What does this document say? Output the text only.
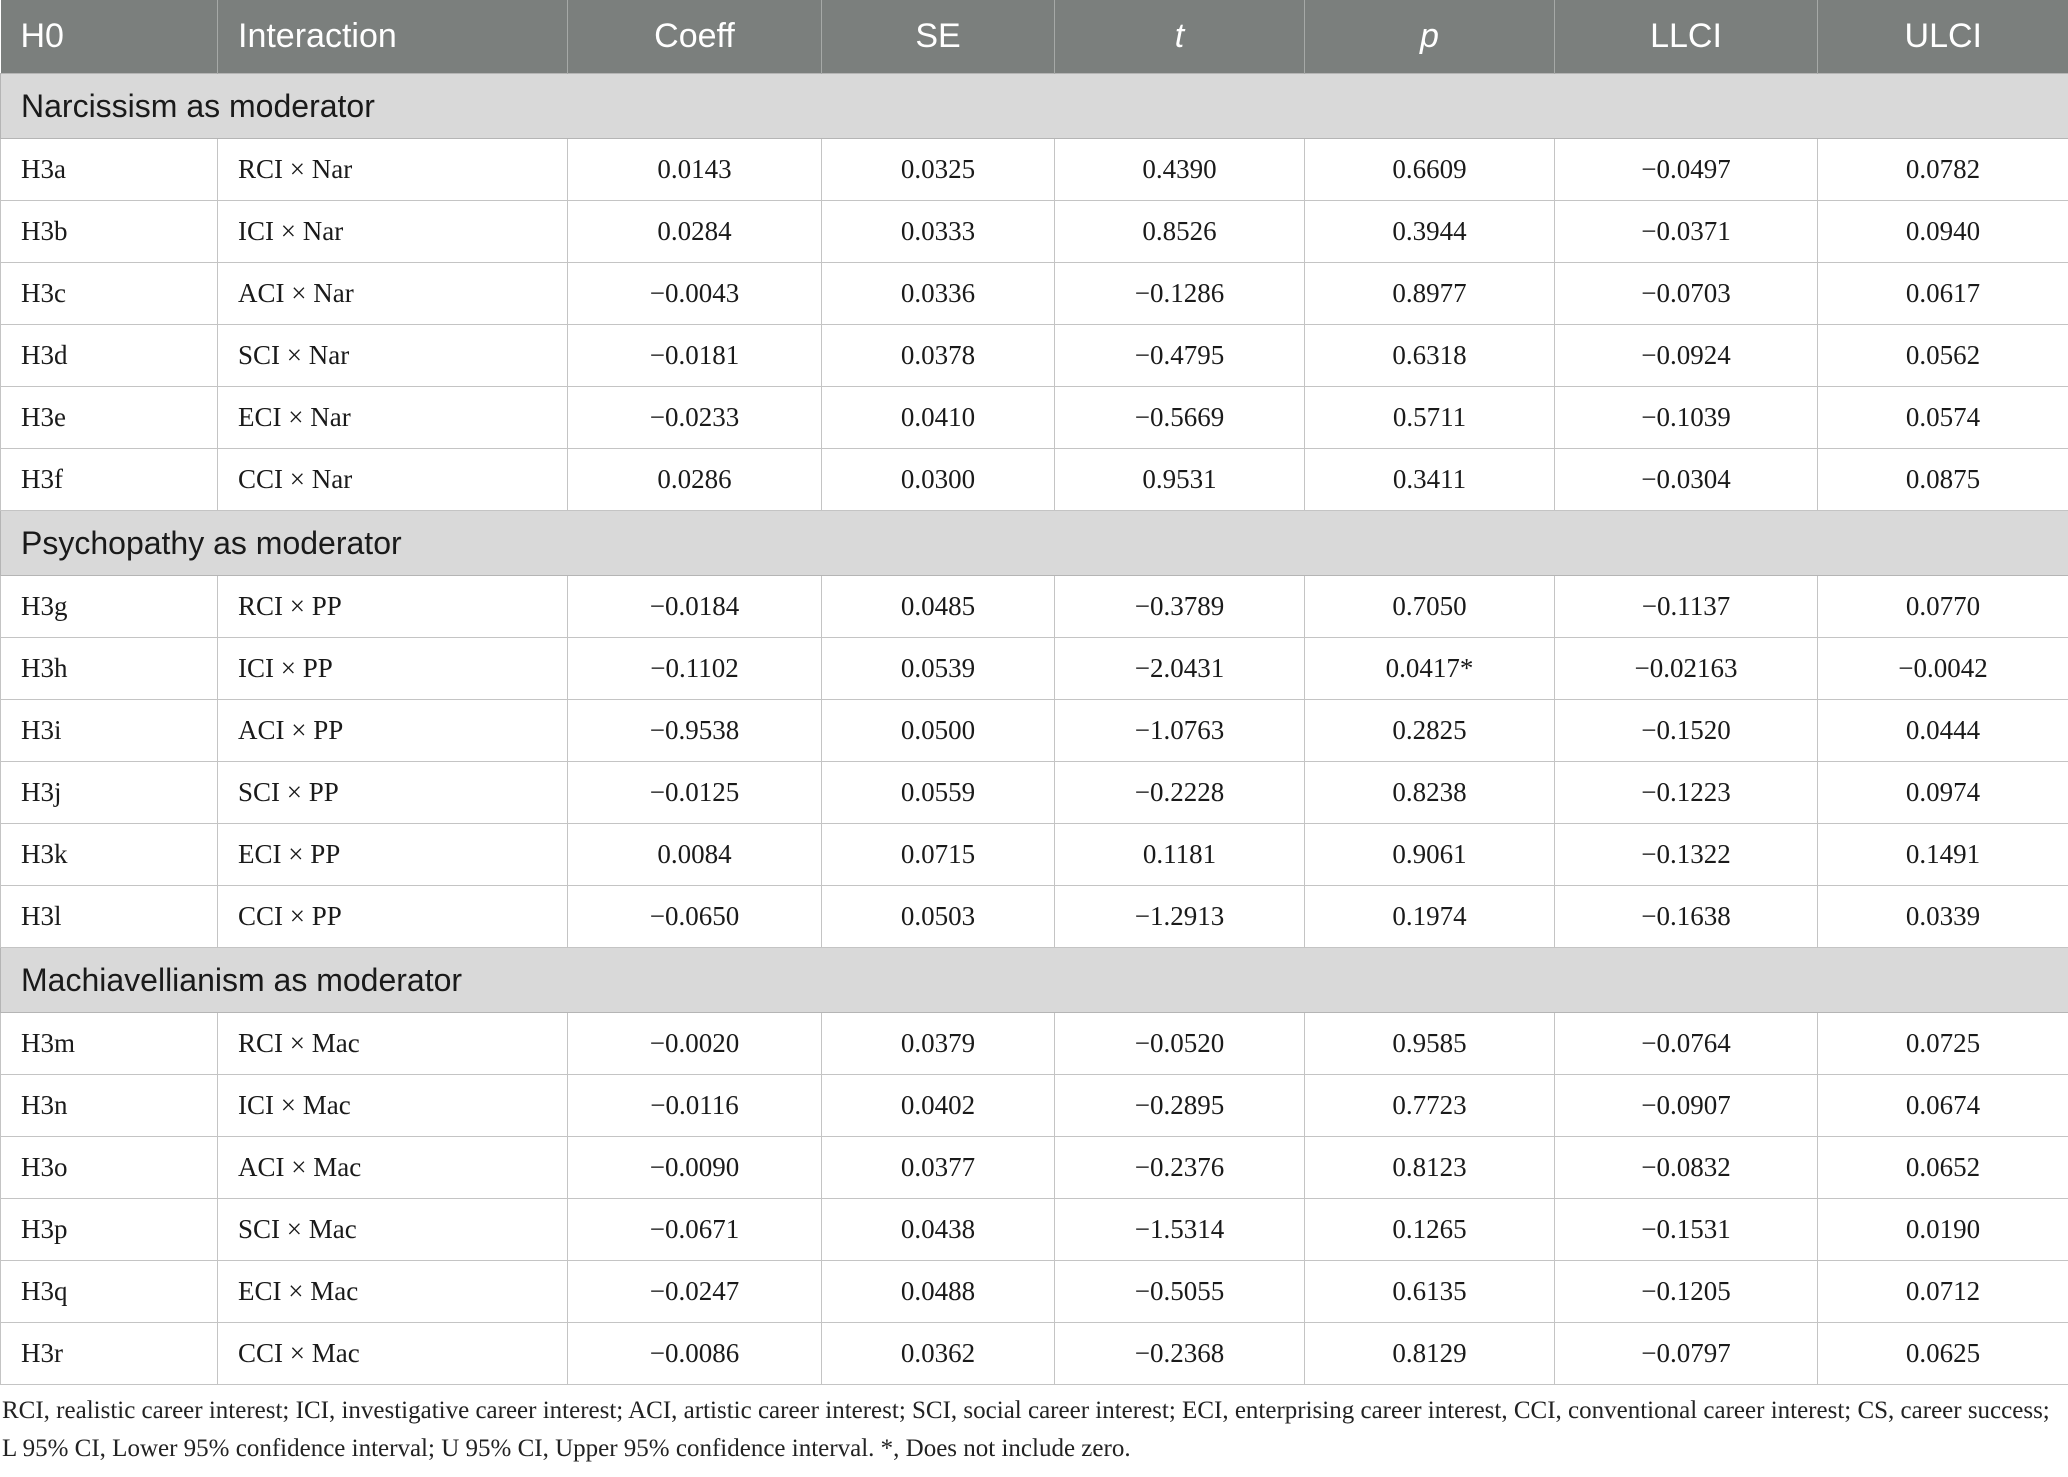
H0	Interaction	Coeff	SE	t	p	LLCI	ULCI
Narcissism as moderator							
H3a	RCI × Nar	0.0143	0.0325	0.4390	0.6609	−0.0497	0.0782
H3b	ICI × Nar	0.0284	0.0333	0.8526	0.3944	−0.0371	0.0940
H3c	ACI × Nar	−0.0043	0.0336	−0.1286	0.8977	−0.0703	0.0617
H3d	SCI × Nar	−0.0181	0.0378	−0.4795	0.6318	−0.0924	0.0562
H3e	ECI × Nar	−0.0233	0.0410	−0.5669	0.5711	−0.1039	0.0574
H3f	CCI × Nar	0.0286	0.0300	0.9531	0.3411	−0.0304	0.0875
Psychopathy as moderator							
H3g	RCI × PP	−0.0184	0.0485	−0.3789	0.7050	−0.1137	0.0770
H3h	ICI × PP	−0.1102	0.0539	−2.0431	0.0417*	−0.02163	−0.0042
H3i	ACI × PP	−0.9538	0.0500	−1.0763	0.2825	−0.1520	0.0444
H3j	SCI × PP	−0.0125	0.0559	−0.2228	0.8238	−0.1223	0.0974
H3k	ECI × PP	0.0084	0.0715	0.1181	0.9061	−0.1322	0.1491
H3l	CCI × PP	−0.0650	0.0503	−1.2913	0.1974	−0.1638	0.0339
Machiavellianism as moderator							
H3m	RCI × Mac	−0.0020	0.0379	−0.0520	0.9585	−0.0764	0.0725
H3n	ICI × Mac	−0.0116	0.0402	−0.2895	0.7723	−0.0907	0.0674
H3o	ACI × Mac	−0.0090	0.0377	−0.2376	0.8123	−0.0832	0.0652
H3p	SCI × Mac	−0.0671	0.0438	−1.5314	0.1265	−0.1531	0.0190
H3q	ECI × Mac	−0.0247	0.0488	−0.5055	0.6135	−0.1205	0.0712
H3r	CCI × Mac	−0.0086	0.0362	−0.2368	0.8129	−0.0797	0.0625
RCI, realistic career interest; ICI, investigative career interest; ACI, artistic career interest; SCI, social career interest; ECI, enterprising career interest, CCI, conventional career interest; CS, career success; L 95% CI, Lower 95% confidence interval; U 95% CI, Upper 95% confidence interval. *, Does not include zero.
